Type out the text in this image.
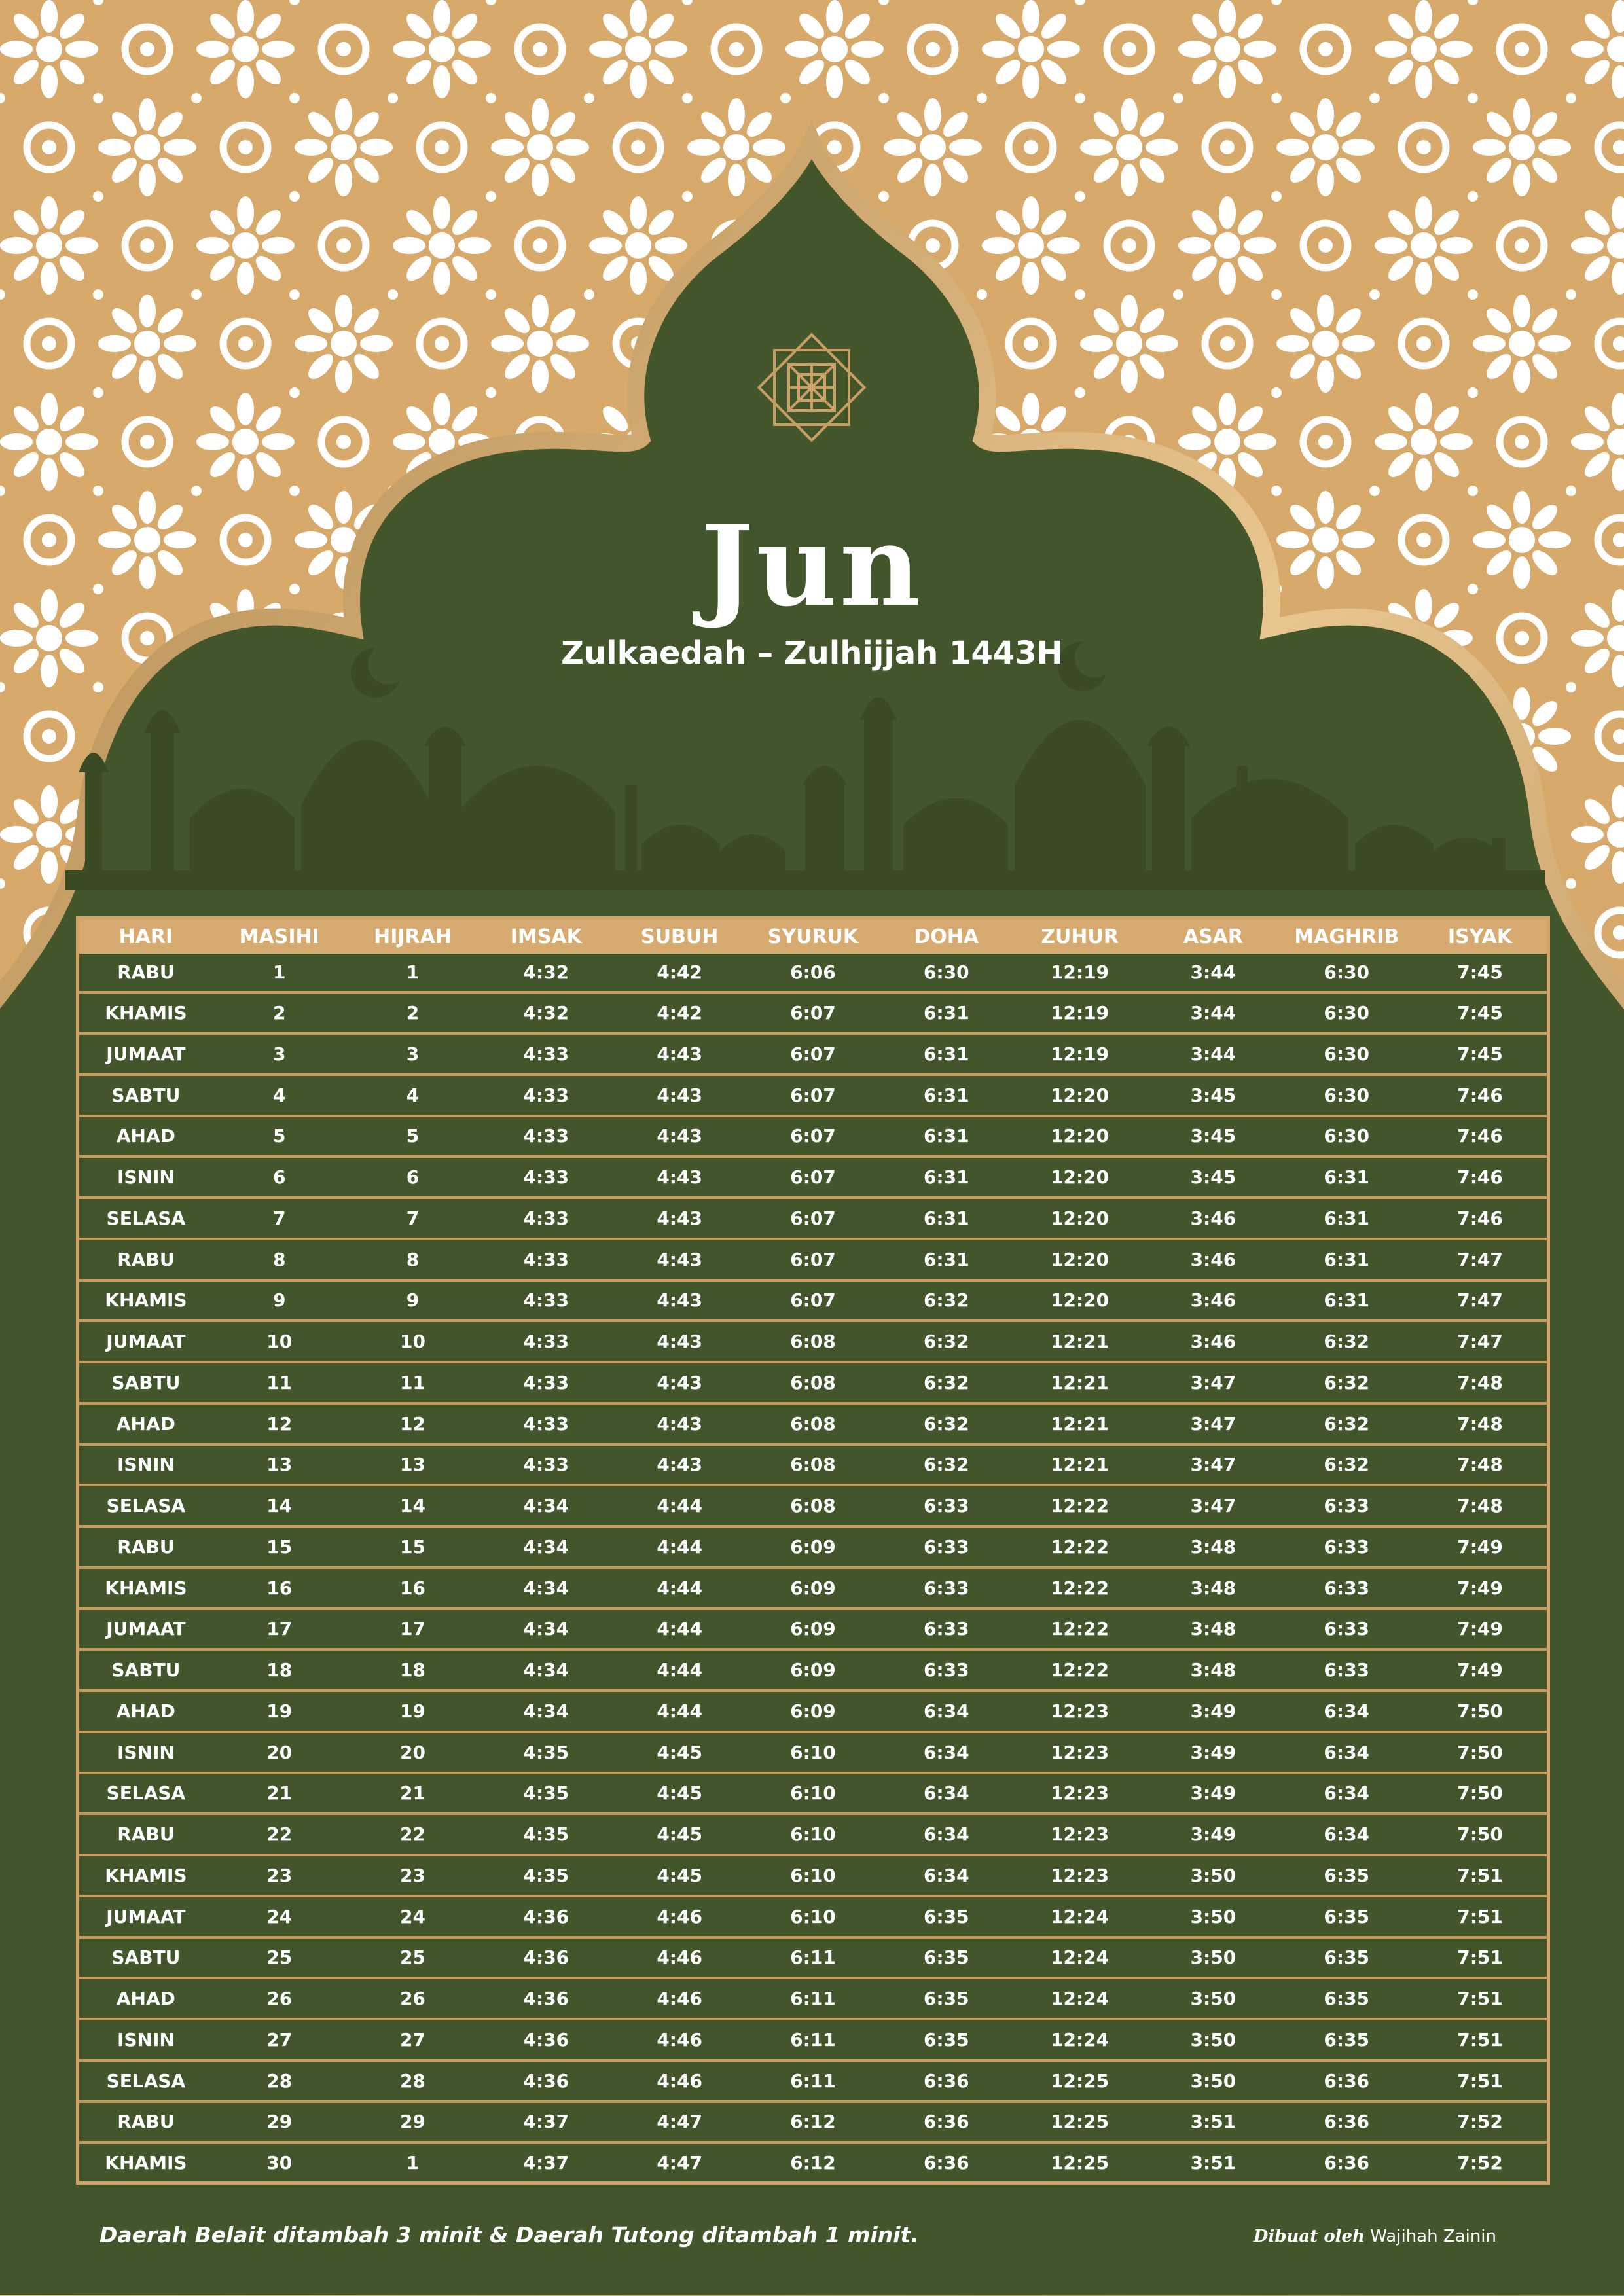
Jun
Zulkaedah – Zulhijjah 1443H
HARI	MASIHI	HIJRAH	IMSAK	SUBUH	SYURUK	DOHA	ZUHUR	ASAR	MAGHRIB	ISYAK
RABU	1	1	4:32	4:42	6:06	6:30	12:19	3:44	6:30	7:45
KHAMIS	2	2	4:32	4:42	6:07	6:31	12:19	3:44	6:30	7:45
JUMAAT	3	3	4:33	4:43	6:07	6:31	12:19	3:44	6:30	7:45
SABTU	4	4	4:33	4:43	6:07	6:31	12:20	3:45	6:30	7:46
AHAD	5	5	4:33	4:43	6:07	6:31	12:20	3:45	6:30	7:46
ISNIN	6	6	4:33	4:43	6:07	6:31	12:20	3:45	6:31	7:46
SELASA	7	7	4:33	4:43	6:07	6:31	12:20	3:46	6:31	7:46
RABU	8	8	4:33	4:43	6:07	6:31	12:20	3:46	6:31	7:47
KHAMIS	9	9	4:33	4:43	6:07	6:32	12:20	3:46	6:31	7:47
JUMAAT	10	10	4:33	4:43	6:08	6:32	12:21	3:46	6:32	7:47
SABTU	11	11	4:33	4:43	6:08	6:32	12:21	3:47	6:32	7:48
AHAD	12	12	4:33	4:43	6:08	6:32	12:21	3:47	6:32	7:48
ISNIN	13	13	4:33	4:43	6:08	6:32	12:21	3:47	6:32	7:48
SELASA	14	14	4:34	4:44	6:08	6:33	12:22	3:47	6:33	7:48
RABU	15	15	4:34	4:44	6:09	6:33	12:22	3:48	6:33	7:49
KHAMIS	16	16	4:34	4:44	6:09	6:33	12:22	3:48	6:33	7:49
JUMAAT	17	17	4:34	4:44	6:09	6:33	12:22	3:48	6:33	7:49
SABTU	18	18	4:34	4:44	6:09	6:33	12:22	3:48	6:33	7:49
AHAD	19	19	4:34	4:44	6:09	6:34	12:23	3:49	6:34	7:50
ISNIN	20	20	4:35	4:45	6:10	6:34	12:23	3:49	6:34	7:50
SELASA	21	21	4:35	4:45	6:10	6:34	12:23	3:49	6:34	7:50
RABU	22	22	4:35	4:45	6:10	6:34	12:23	3:49	6:34	7:50
KHAMIS	23	23	4:35	4:45	6:10	6:34	12:23	3:50	6:35	7:51
JUMAAT	24	24	4:36	4:46	6:10	6:35	12:24	3:50	6:35	7:51
SABTU	25	25	4:36	4:46	6:11	6:35	12:24	3:50	6:35	7:51
AHAD	26	26	4:36	4:46	6:11	6:35	12:24	3:50	6:35	7:51
ISNIN	27	27	4:36	4:46	6:11	6:35	12:24	3:50	6:35	7:51
SELASA	28	28	4:36	4:46	6:11	6:36	12:25	3:50	6:36	7:51
RABU	29	29	4:37	4:47	6:12	6:36	12:25	3:51	6:36	7:52
KHAMIS	30	1	4:37	4:47	6:12	6:36	12:25	3:51	6:36	7:52
Daerah Belait ditambah 3 minit & Daerah Tutong ditambah 1 minit.	Dibuat oleh Wajihah Zainin
